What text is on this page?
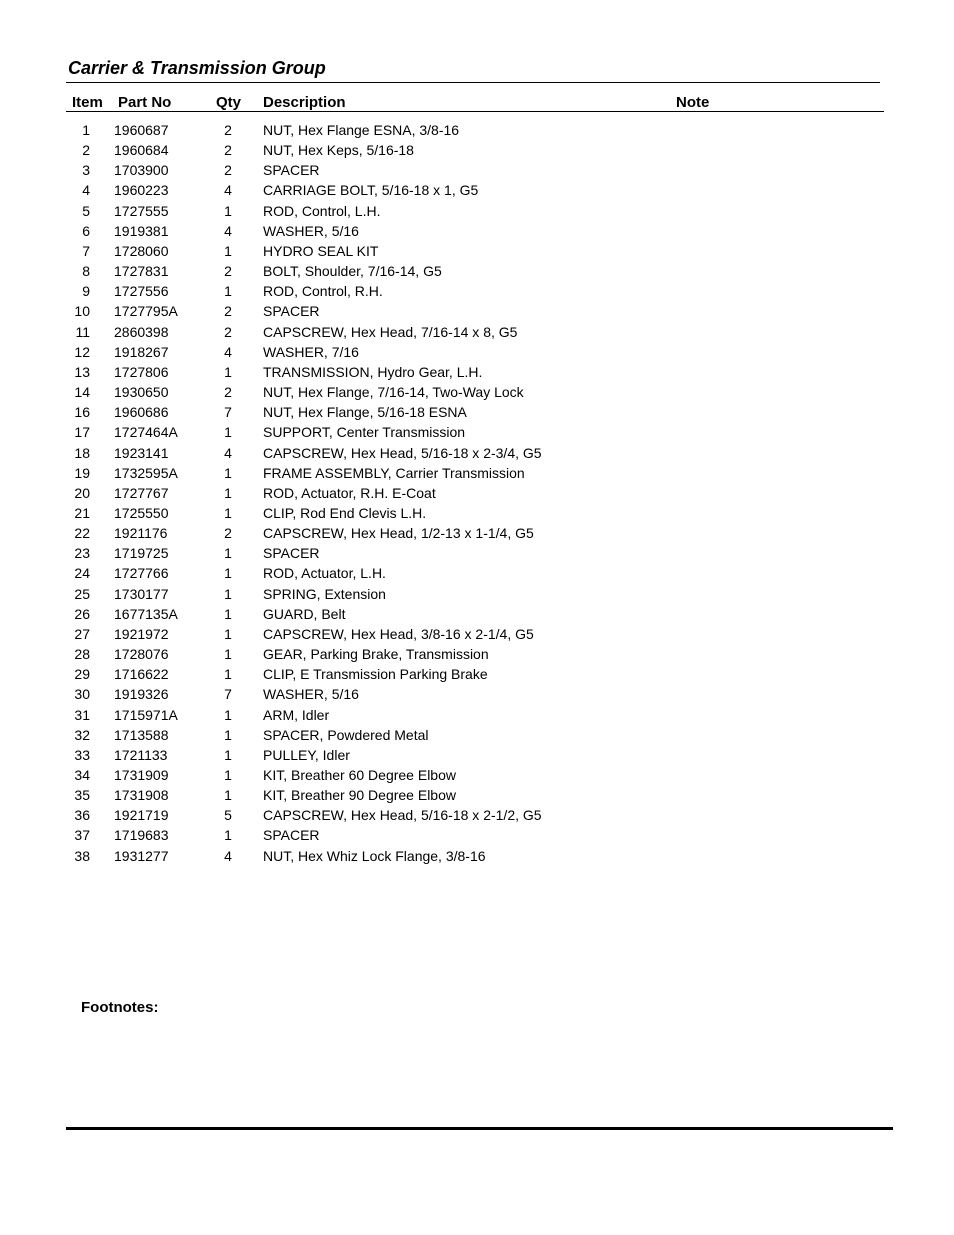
Carrier & Transmission Group
Item Part No	Qty Description	Note
1 1960687	2	NUT, Hex Flange ESNA, 3/8-16
2 1960684	2	NUT, Hex Keps, 5/16-18
3 1703900	2	SPACER
4 1960223	4	CARRIAGE BOLT, 5/16-18 x 1, G5
5 1727555	1	ROD, Control, L.H.
6 1919381	4	WASHER, 5/16
7 1728060	1	HYDRO SEAL KIT
8 1727831	2	BOLT, Shoulder, 7/16-14, G5
9 1727556	1	ROD, Control, R.H.
10 1727795A	2	SPACER
11 2860398	2	CAPSCREW, Hex Head, 7/16-14 x 8, G5
12 1918267	4	WASHER, 7/16
13 1727806	1	TRANSMISSION, Hydro Gear, L.H.
14 1930650	2	NUT, Hex Flange, 7/16-14, Two-Way Lock
16 1960686	7	NUT, Hex Flange, 5/16-18 ESNA
17 1727464A	1	SUPPORT, Center Transmission
18 1923141	4	CAPSCREW, Hex Head, 5/16-18 x 2-3/4, G5
19 1732595A	1	FRAME ASSEMBLY, Carrier Transmission
20 1727767	1	ROD, Actuator, R.H. E-Coat
21 1725550	1	CLIP, Rod End Clevis L.H.
22 1921176	2	CAPSCREW, Hex Head, 1/2-13 x 1-1/4, G5
23 1719725	1	SPACER
24 1727766	1	ROD, Actuator, L.H.
25 1730177	1	SPRING, Extension
26 1677135A	1	GUARD, Belt
27 1921972	1	CAPSCREW, Hex Head, 3/8-16 x 2-1/4, G5
28 1728076	1	GEAR, Parking Brake, Transmission
29 1716622	1	CLIP, E Transmission Parking Brake
30 1919326	7	WASHER, 5/16
31 1715971A	1	ARM, Idler
32 1713588	1	SPACER, Powdered Metal
33 1721133	1	PULLEY, Idler
34 1731909	1	KIT, Breather 60 Degree Elbow
35 1731908	1	KIT, Breather 90 Degree Elbow
36 1921719	5	CAPSCREW, Hex Head, 5/16-18 x 2-1/2, G5
37 1719683	1	SPACER
38 1931277	4	NUT, Hex Whiz Lock Flange, 3/8-16
Footnotes:
